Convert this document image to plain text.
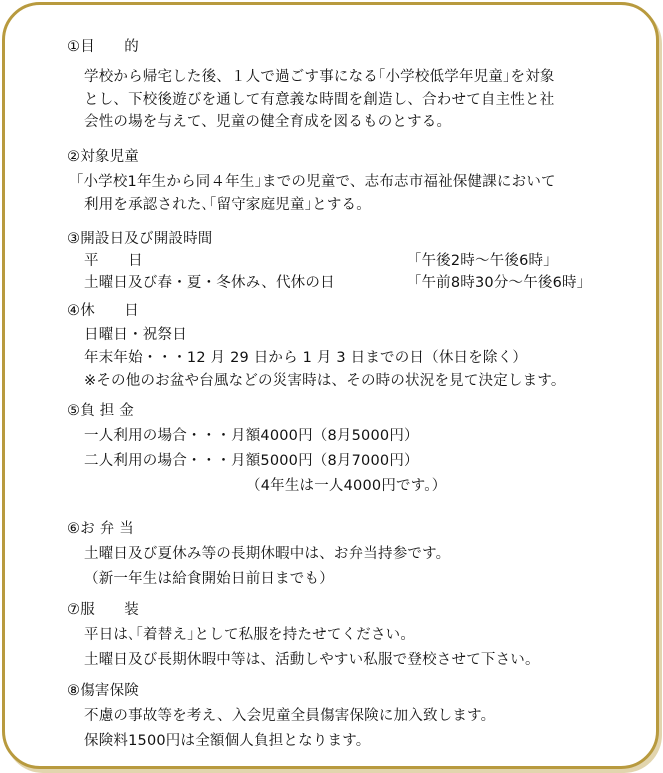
①目　　的
学校から帰宅した後、１人で過ごす事になる｢小学校低学年児童｣を対象
とし、下校後遊びを通して有意義な時間を創造し、合わせて自主性と社
会性の場を与えて、児童の健全育成を図るものとする。
②対象児童
｢小学校1年生から同４年生｣までの児童で、志布志市福祉保健課において
利用を承認された､｢留守家庭児童｣とする。
③開設日及び開設時間
平　　日	｢午後2時～午後6時｣
土曜日及び春・夏・冬休み、代休の日	｢午前8時30分～午後6時｣
④休　　日
日曜日・祝祭日
年末年始・・・12 月 29 日から 1 月 3 日までの日（休日を除く）
※その他のお盆や台風などの災害時は、その時の状況を見て決定します。
⑤負 担 金
一人利用の場合・・・月額4000円（8月5000円）
二人利用の場合・・・月額5000円（8月7000円）
（4年生は一人4000円です。）
⑥お 弁 当
土曜日及び夏休み等の長期休暇中は、お弁当持参です。
（新一年生は給食開始日前日までも）
⑦服　　装
平日は､｢着替え｣として私服を持たせてください。
土曜日及び長期休暇中等は、活動しやすい私服で登校させて下さい。
⑧傷害保険
不慮の事故等を考え、入会児童全員傷害保険に加入致します。
保険料1500円は全額個人負担となります。
